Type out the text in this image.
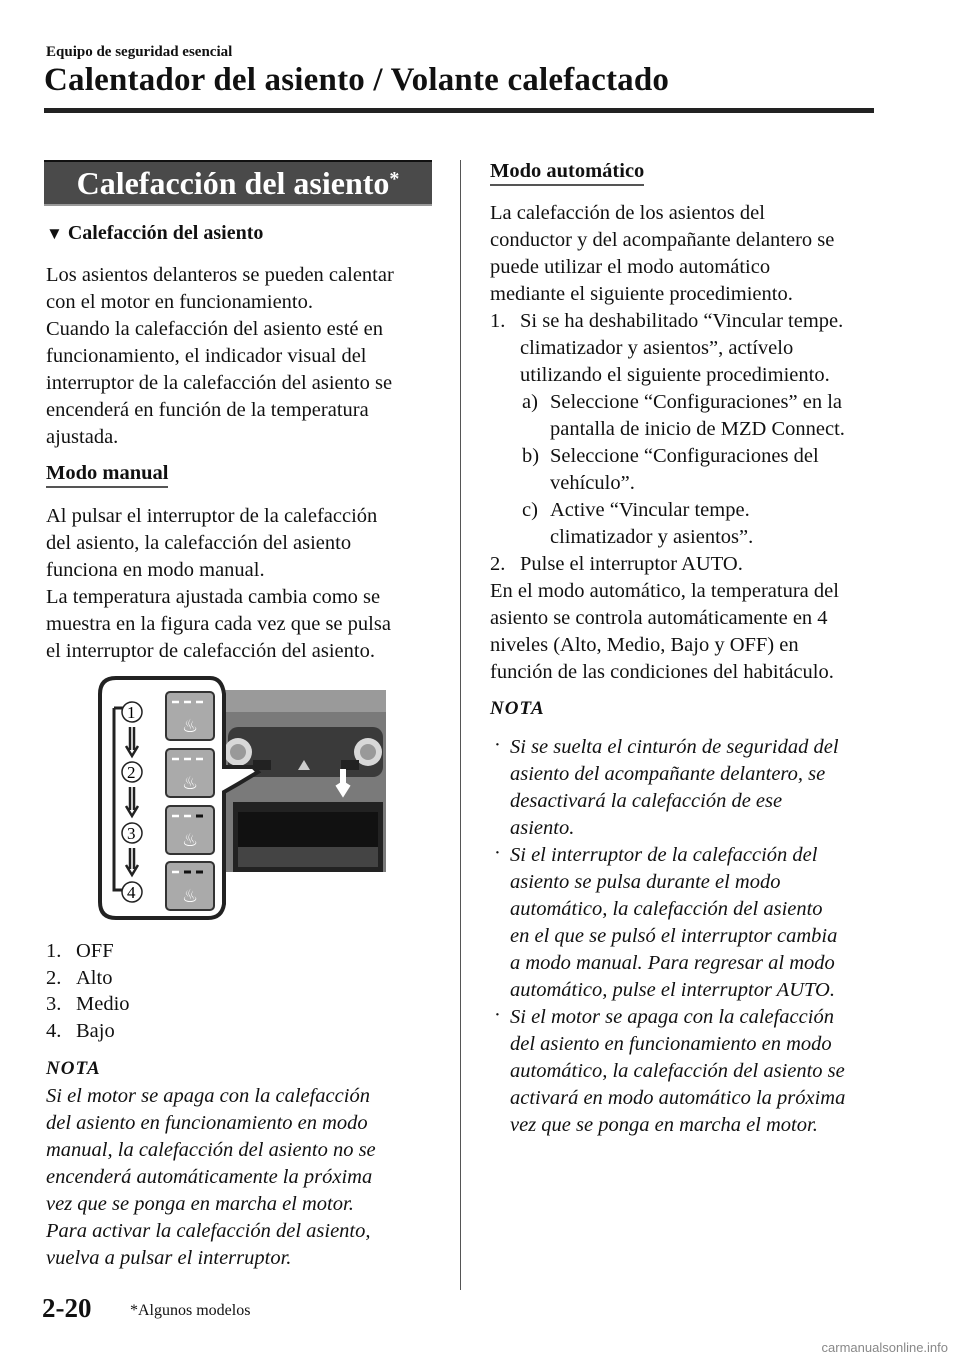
Equipo de seguridad esencial
Calentador del asiento / Volante calefactado
Calefacción del asiento*
▼ Calefacción del asiento
Los asientos delanteros se pueden calentar
con el motor en funcionamiento.
Cuando la calefacción del asiento esté en
funcionamiento, el indicador visual del
interruptor de la calefacción del asiento se
encenderá en función de la temperatura
ajustada.
Modo manual
Al pulsar el interruptor de la calefacción
del asiento, la calefacción del asiento
funciona en modo manual.
La temperatura ajustada cambia como se
muestra en la figura cada vez que se pulsa
el interruptor de calefacción del asiento.
♨
♨
♨
♨
1
2
3
4
1. OFF
2. Alto
3. Medio
4. Bajo
NOTA
Si el motor se apaga con la calefacción
del asiento en funcionamiento en modo
manual, la calefacción del asiento no se
encenderá automáticamente la próxima
vez que se ponga en marcha el motor.
Para activar la calefacción del asiento,
vuelva a pulsar el interruptor.
Modo automático
La calefacción de los asientos del
conductor y del acompañante delantero se
puede utilizar el modo automático
mediante el siguiente procedimiento.
1. Si se ha deshabilitado “Vincular tempe.
climatizador y asientos”, actívelo
utilizando el siguiente procedimiento.
a) Seleccione “Configuraciones” en la
pantalla de inicio de MZD Connect.
b) Seleccione “Configuraciones del
vehículo”.
c) Active “Vincular tempe.
climatizador y asientos”.
2. Pulse el interruptor AUTO.
En el modo automático, la temperatura del
asiento se controla automáticamente en 4
niveles (Alto, Medio, Bajo y OFF) en
función de las condiciones del habitáculo.
NOTA
· Si se suelta el cinturón de seguridad del
asiento del acompañante delantero, se
desactivará la calefacción de ese
asiento.
· Si el interruptor de la calefacción del
asiento se pulsa durante el modo
automático, la calefacción del asiento
en el que se pulsó el interruptor cambia
a modo manual. Para regresar al modo
automático, pulse el interruptor AUTO.
· Si el motor se apaga con la calefacción
del asiento en funcionamiento en modo
automático, la calefacción del asiento se
activará en modo automático la próxima
vez que se ponga en marcha el motor.
2-20 *Algunos modelos
carmanualsonline.info
